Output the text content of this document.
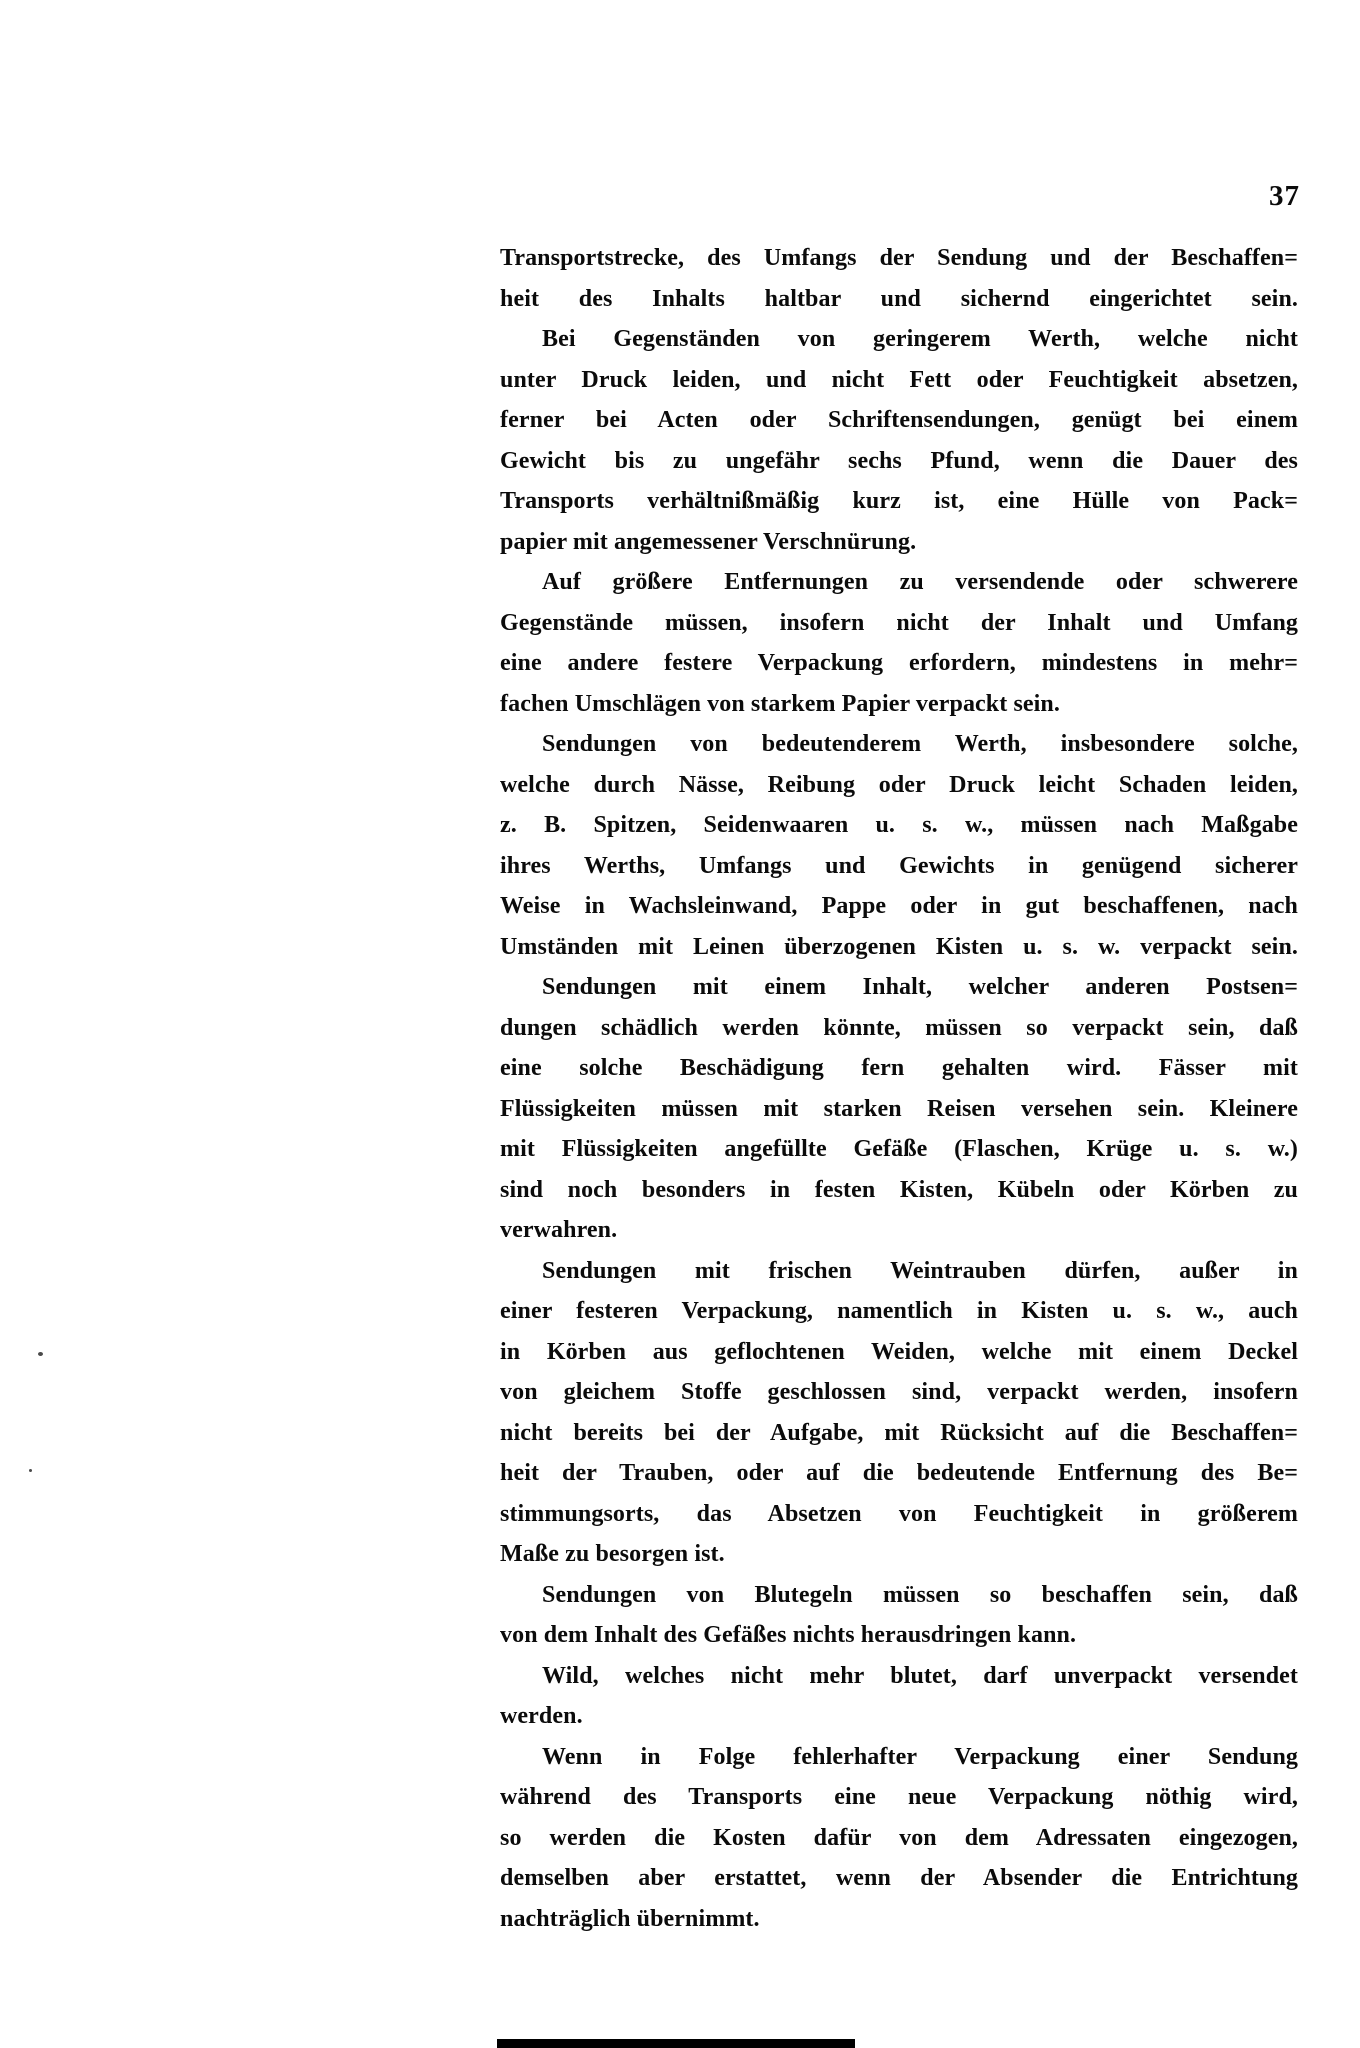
37
Transportstrecke, des Umfangs der Sendung und der Beschaffen=
heit des Inhalts haltbar und sichernd eingerichtet sein.
Bei Gegenständen von geringerem Werth, welche nicht
unter Druck leiden, und nicht Fett oder Feuchtigkeit absetzen,
ferner bei Acten oder Schriftensendungen, genügt bei einem
Gewicht bis zu ungefähr sechs Pfund, wenn die Dauer des
Transports verhältnißmäßig kurz ist, eine Hülle von Pack=
papier mit angemessener Verschnürung.
Auf größere Entfernungen zu versendende oder schwerere
Gegenstände müssen, insofern nicht der Inhalt und Umfang
eine andere festere Verpackung erfordern, mindestens in mehr=
fachen Umschlägen von starkem Papier verpackt sein.
Sendungen von bedeutenderem Werth, insbesondere solche,
welche durch Nässe, Reibung oder Druck leicht Schaden leiden,
z. B. Spitzen, Seidenwaaren u. s. w., müssen nach Maßgabe
ihres Werths, Umfangs und Gewichts in genügend sicherer
Weise in Wachsleinwand, Pappe oder in gut beschaffenen, nach
Umständen mit Leinen überzogenen Kisten u. s. w. verpackt sein.
Sendungen mit einem Inhalt, welcher anderen Postsen=
dungen schädlich werden könnte, müssen so verpackt sein, daß
eine solche Beschädigung fern gehalten wird. Fässer mit
Flüssigkeiten müssen mit starken Reisen versehen sein. Kleinere
mit Flüssigkeiten angefüllte Gefäße (Flaschen, Krüge u. s. w.)
sind noch besonders in festen Kisten, Kübeln oder Körben zu
verwahren.
Sendungen mit frischen Weintrauben dürfen, außer in
einer festeren Verpackung, namentlich in Kisten u. s. w., auch
in Körben aus geflochtenen Weiden, welche mit einem Deckel
von gleichem Stoffe geschlossen sind, verpackt werden, insofern
nicht bereits bei der Aufgabe, mit Rücksicht auf die Beschaffen=
heit der Trauben, oder auf die bedeutende Entfernung des Be=
stimmungsorts, das Absetzen von Feuchtigkeit in größerem
Maße zu besorgen ist.
Sendungen von Blutegeln müssen so beschaffen sein, daß
von dem Inhalt des Gefäßes nichts herausdringen kann.
Wild, welches nicht mehr blutet, darf unverpackt versendet
werden.
Wenn in Folge fehlerhafter Verpackung einer Sendung
während des Transports eine neue Verpackung nöthig wird,
so werden die Kosten dafür von dem Adressaten eingezogen,
demselben aber erstattet, wenn der Absender die Entrichtung
nachträglich übernimmt.
